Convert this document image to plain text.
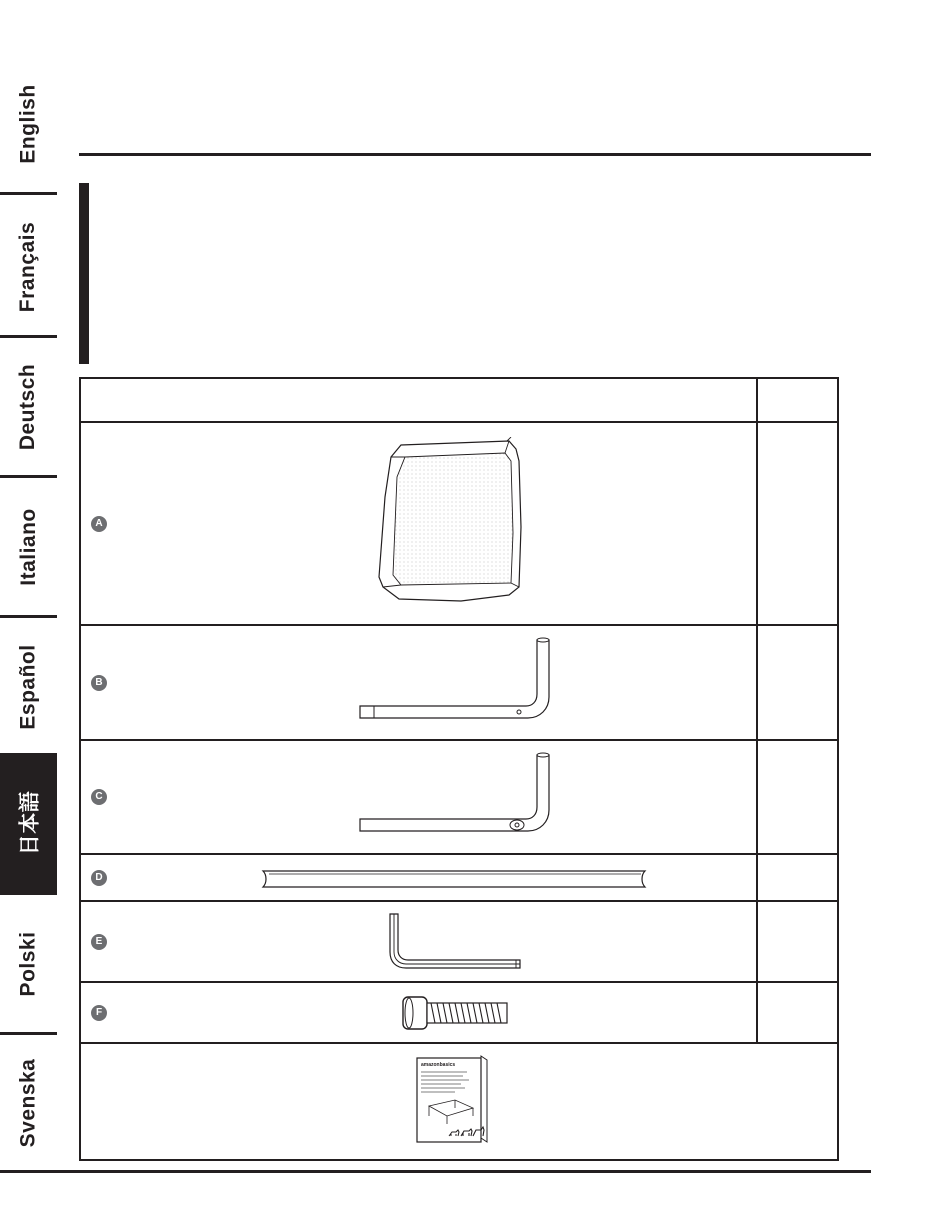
English
Français
Deutsch
Italiano
Español
日本語
Polski
Svenska
A
B
C
D
E
F
amazonbasics
